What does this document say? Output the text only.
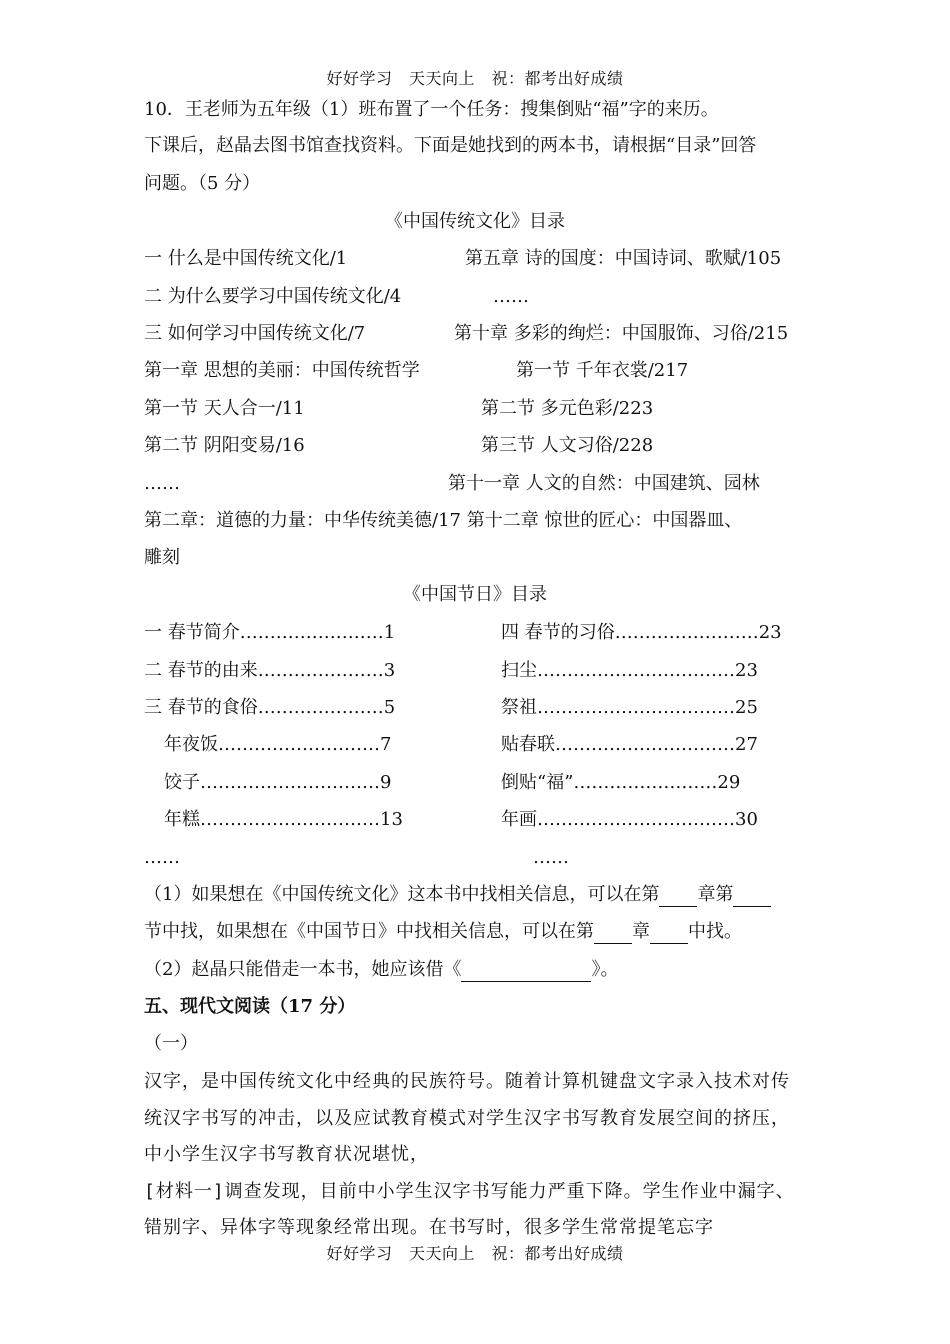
好好学习　天天向上　祝：都考出好成绩
10．王老师为五年级（1）班布置了一个任务：搜集倒贴“福”字的来历。
下课后，赵晶去图书馆查找资料。下面是她找到的两本书，请根据“目录”回答
问题。（5 分）
《中国传统文化》目录
一 什么是中国传统文化/1
二 为什么要学习中国传统文化/4
三 如何学习中国传统文化/7
第一章 思想的美丽：中国传统哲学
第一节 天人合一/11
第二节 阴阳变易/16
……
第五章 诗的国度：中国诗词、歌赋/105
……
第十章 多彩的绚烂：中国服饰、习俗/215
第一节 千年衣裳/217
第二节 多元色彩/223
第三节 人文习俗/228
第十一章 人文的自然：中国建筑、园林
第二章：道德的力量：中华传统美德/17 第十二章 惊世的匠心：中国器皿、
雕刻
《中国节日》目录
一 春节简介……………………1
二 春节的由来…………………3
三 春节的食俗…………………5
年夜饭………………………7
饺子…………………………9
年糕…………………………13
……
四 春节的习俗……………………23
扫尘……………………………23
祭祖……………………………25
贴春联…………………………27
倒贴“福”……………………29
年画……………………………30
……
（1）如果想在《中国传统文化》这本书中找相关信息，可以在第 章第
节中找，如果想在《中国节日》中找相关信息，可以在第 章 中找。
（2）赵晶只能借走一本书，她应该借《	》。
五、现代文阅读（17 分）
（一）
汉字，是中国传统文化中经典的民族符号。随着计算机键盘文字录入技术对传
统汉字书写的冲击，以及应试教育模式对学生汉字书写教育发展空间的挤压，
中小学生汉字书写教育状况堪忧，
[材料一]调查发现，目前中小学生汉字书写能力严重下降。学生作业中漏字、
错别字、异体字等现象经常出现。在书写时，很多学生常常提笔忘字
好好学习　天天向上　祝：都考出好成绩
